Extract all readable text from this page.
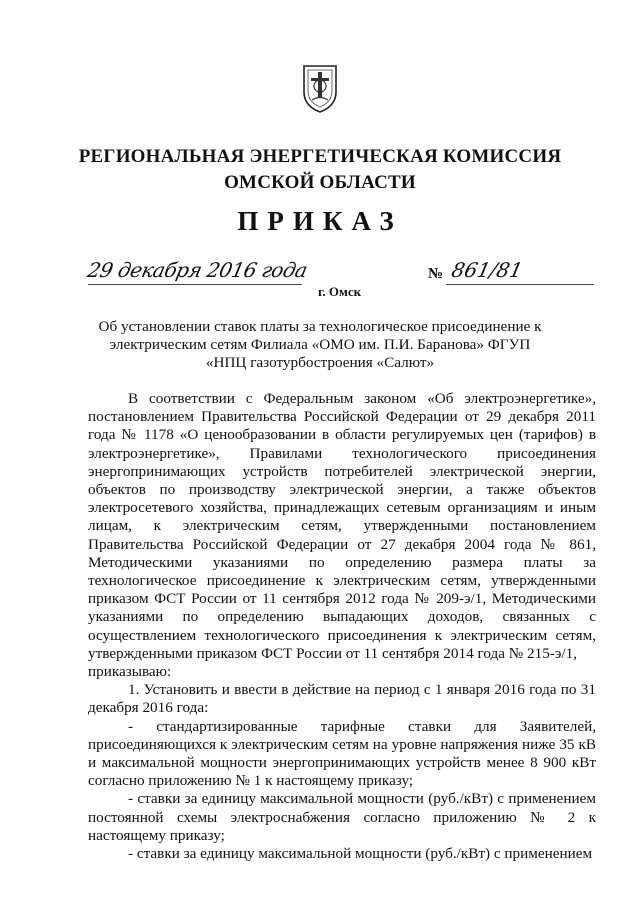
РЕГИОНАЛЬНАЯ ЭНЕРГЕТИЧЕСКАЯ КОМИССИЯ
ОМСКОЙ ОБЛАСТИ
ПРИКАЗ
29 декабря 2016 года	№ 861/81
г. Омск
Об установлении ставок платы за технологическое присоединение к электрическим сетям Филиала «ОМО им. П.И. Баранова» ФГУП «НПЦ газотурбостроения «Салют»

В соответствии с Федеральным законом «Об электроэнергетике», постановлением Правительства Российской Федерации от 29 декабря 2011 года № 1178 «О ценообразовании в области регулируемых цен (тарифов) в электроэнергетике», Правилами технологического присоединения энергопринимающих устройств потребителей электрической энергии, объектов по производству электрической энергии, а также объектов электросетевого хозяйства, принадлежащих сетевым организациям и иным лицам, к электрическим сетям, утвержденными постановлением Правительства Российской Федерации от 27 декабря 2004 года № 861, Методическими указаниями по определению размера платы за технологическое присоединение к электрическим сетям, утвержденными приказом ФСТ России от 11 сентября 2012 года № 209-э/1, Методическими указаниями по определению выпадающих доходов, связанных с осуществлением технологического присоединения к электрическим сетям, утвержденными приказом ФСТ России от 11 сентября 2014 года № 215-э/1,

приказываю:

1. Установить и ввести в действие на период с 1 января 2016 года по 31 декабря 2016 года:

- стандартизированные тарифные ставки для Заявителей, присоединяющихся к электрическим сетям на уровне напряжения ниже 35 кВ и максимальной мощности энергопринимающих устройств менее 8 900 кВт согласно приложению № 1 к настоящему приказу;

- ставки за единицу максимальной мощности (руб./кВт) с применением постоянной схемы электроснабжения согласно приложению № 2 к настоящему приказу;

- ставки за единицу максимальной мощности (руб./кВт) с применением
